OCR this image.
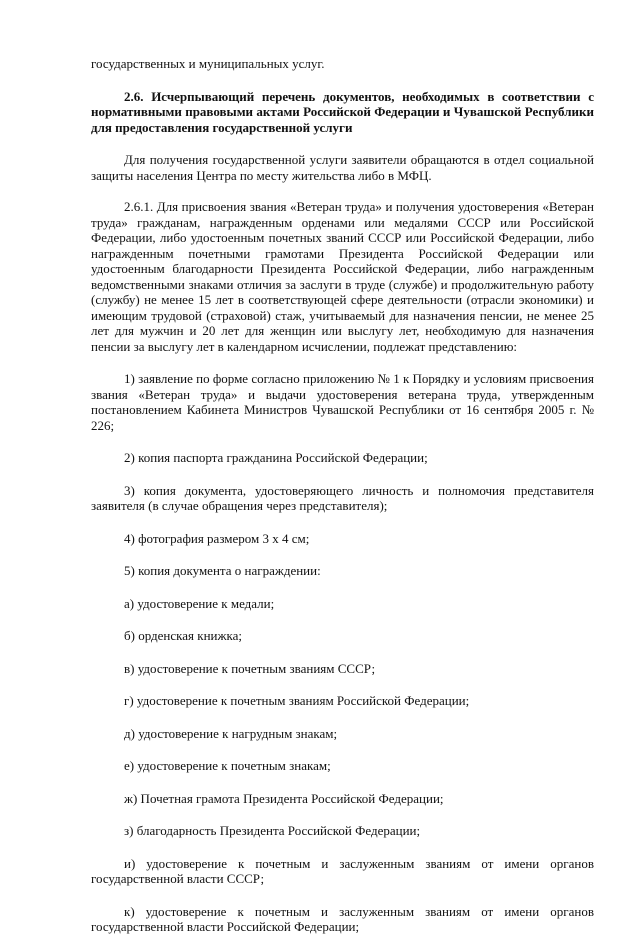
государственных и муниципальных услуг.

2.6. Исчерпывающий перечень документов, необходимых в соответствии с нормативными правовыми актами Российской Федерации и Чувашской Республики для предоставления государственной услуги

Для получения государственной услуги заявители обращаются в отдел социальной защиты населения Центра по месту жительства либо в МФЦ.

2.6.1. Для присвоения звания «Ветеран труда» и получения удостоверения «Ветеран труда» гражданам, награжденным орденами или медалями СССР или Российской Федерации, либо удостоенным почетных званий СССР или Российской Федерации, либо награжденным почетными грамотами Президента Российской Федерации или удостоенным благодарности Президента Российской Федерации, либо награжденным ведомственными знаками отличия за заслуги в труде (службе) и продолжительную работу (службу) не менее 15 лет в соответствующей сфере деятельности (отрасли экономики) и имеющим трудовой (страховой) стаж, учитываемый для назначения пенсии, не менее 25 лет для мужчин и 20 лет для женщин или выслугу лет, необходимую для назначения пенсии за выслугу лет в календарном исчислении, подлежат представлению:

1) заявление по форме согласно приложению № 1 к Порядку и условиям присвоения звания «Ветеран труда» и выдачи удостоверения ветерана труда, утвержденным постановлением Кабинета Министров Чувашской Республики от 16 сентября 2005 г. № 226;

2) копия паспорта гражданина Российской Федерации;

3) копия документа, удостоверяющего личность и полномочия представителя заявителя (в случае обращения через представителя);

4) фотография размером 3 х 4 см;

5) копия документа о награждении:

а) удостоверение к медали;

б) орденская книжка;

в) удостоверение к почетным званиям СССР;

г) удостоверение к почетным званиям Российской Федерации;

д) удостоверение к нагрудным знакам;

е) удостоверение к почетным знакам;

ж) Почетная грамота Президента Российской Федерации;

з) благодарность Президента Российской Федерации;

и) удостоверение к почетным и заслуженным званиям от имени органов государственной власти СССР;

к) удостоверение к почетным и заслуженным званиям от имени органов государственной власти Российской Федерации;
